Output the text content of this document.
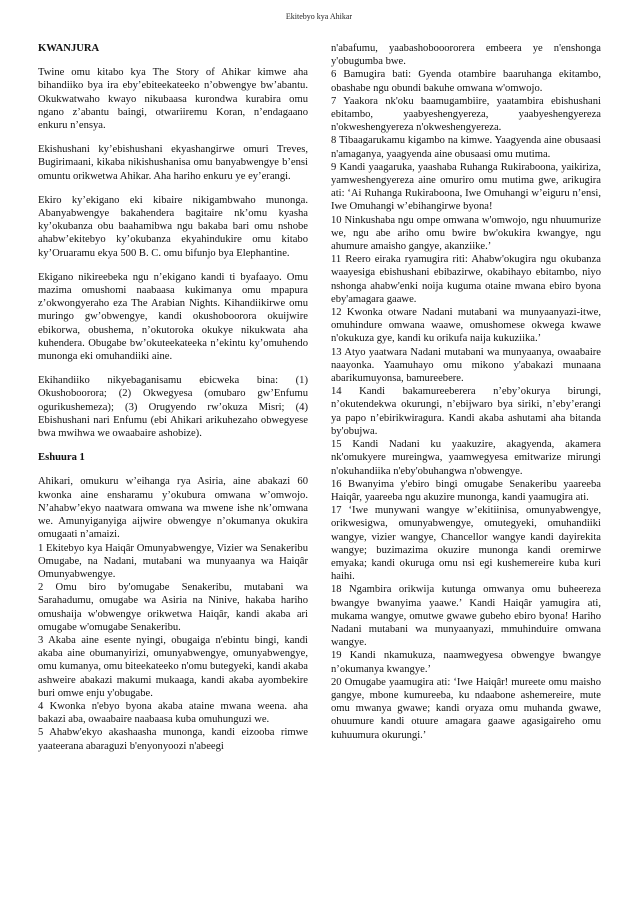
Ekitebyo kya Ahikar
KWANJURA

Twine omu kitabo kya The Story of Ahikar kimwe aha bihandiiko bya ira eby’ebiteekateeko n’obwengye bw’abantu. Okukwatwaho kwayo nikubaasa kurondwa kurabira omu ngano z’abantu baingi, otwariiremu Koran, n’endagaano enkuru n’ensya.

Ekishushani ky’ebishushani ekyashangirwe omuri Treves, Bugirimaani, kikaba nikishushanisa omu banyabwengye b’ensi omuntu orikwetwa Ahikar. Aha hariho enkuru ye ey’erangi.

Ekiro ky’ekigano eki kibaire nikigambwaho munonga. Abanyabwengye bakahendera bagitaire nk’omu kyasha ky’okubanza obu baahamibwa ngu bakaba bari omu nshobe ahabw’ekitebyo ky’okubanza ekyahindukire omu kitabo ky’Oruaramu ekya 500 B. C. omu bifunjo bya Elephantine.

Ekigano nikireebeka ngu n’ekigano kandi ti byafaayo. Omu mazima omushomi naabaasa kukimanya omu mpapura z’okwongyeraho eza The Arabian Nights. Kihandiikirwe omu muringo gw’obwengye, kandi okushoboorora okuijwire ebikorwa, obushema, n’okutoroka okukye nikukwata aha kuhendera. Obugabe bw’okuteekateeka n’ekintu ky’omuhendo munonga eki omuhandiiki aine.

Ekihandiiko nikyebaganisamu ebicweka bina: (1) Okushoboorora; (2) Okwegyesa (omubaro gw’Enfumu ogurikushemeza); (3) Orugyendo rw’okuza Misri; (4) Ebishushani nari Enfumu (ebi Ahikari arikuhezaho obwegyese bwa mwihwa we owaabaire ashobize).

Eshuura 1

Ahikari, omukuru w’eihanga rya Asiria, aine abakazi 60 kwonka aine ensharamu y’okubura omwana w’omwojo. N’ahabw’ekyo naatwara omwana wa mwene ishe nk’omwana we. Amunyiganyiga aijwire obwengye n’okumanya okukira omugaati n’amaizi.

1 Ekitebyo kya Haiqâr Omunyabwengye, Vizier wa Senakeribu Omugabe, na Nadani, mutabani wa munyaanya wa Haiqâr Omunyabwengye.

2 Omu biro by'omugabe Senakeribu, mutabani wa Sarahadumu, omugabe wa Asiria na Ninive, hakaba hariho omushaija w'obwengye orikwetwa Haiqâr, kandi akaba ari omugabe w'omugabe Senakeribu.

3 Akaba aine esente nyingi, obugaiga n'ebintu bingi, kandi akaba aine obumanyirizi, omunyabwengye, omunyabwengye, omu kumanya, omu biteekateeko n'omu butegyeki, kandi akaba ashweire abakazi makumi mukaaga, kandi akaba ayombekire buri omwe enju y'obugabe.

4 Kwonka n'ebyo byona akaba ataine mwana weena. aha bakazi aba, owaabaire naabaasa kuba omuhunguzi we.

5 Ahabw'ekyo akashaasha munonga, kandi eizooba rimwe yaateerana abaraguzi b'enyonyoozi n'abeegi

n'abafumu, yaabashobooororera embeera ye n'enshonga y'obugumba bwe.

6 Bamugira bati: Gyenda otambire baaruhanga ekitambo, obashabe ngu obundi bakuhe omwana w'omwojo.

7 Yaakora nk'oku baamugambiire, yaatambira ebishushani ebitambo, yaabyeshengyereza, yaabyeshengyereza n'okweshengyereza n'okweshengyereza.

8 Tibaagarukamu kigambo na kimwe. Yaagyenda aine obusaasi n'amaganya, yaagyenda aine obusaasi omu mutima.

9 Kandi yaagaruka, yaashaba Ruhanga Rukiraboona, yaikiriza, yamweshengyereza aine omuriro omu mutima gwe, arikugira ati: ‘Ai Ruhanga Rukiraboona, Iwe Omuhangi w’eiguru n’ensi, Iwe Omuhangi w’ebihangirwe byona!

10 Ninkushaba ngu ompe omwana w'omwojo, ngu nhuumurize we, ngu abe ariho omu bwire bw'okukira kwangye, ngu ahumure amaisho gangye, akanziike.’

11 Reero eiraka ryamugira riti: Ahabw'okugira ngu okubanza waayesiga ebishushani ebibazirwe, okabihayo ebitambo, niyo nshonga ahabw'enki noija kuguma otaine mwana ebiro byona eby'amagara gaawe.

12 Kwonka otware Nadani mutabani wa munyaanyazi-itwe, omuhindure omwana waawe, omushomese okwega kwawe n'okukuza gye, kandi ku orikufa naija kukuziika.’

13 Atyo yaatwara Nadani mutabani wa munyaanya, owaabaire naayonka. Yaamuhayo omu mikono y'abakazi munaana abarikumuyonsa, bamureebere.

14 Kandi bakamureeberera n’eby’okurya birungi, n’okutendekwa okurungi, n’ebijwaro bya siriki, n’eby’erangi ya papo n’ebirikwiragura. Kandi akaba ashutami aha bitanda by'obujwa.

15 Kandi Nadani ku yaakuzire, akagyenda, akamera nk'omukyere mureingwa, yaamwegyesa emitwarize mirungi n'okuhandiika n'eby'obuhangwa n'obwengye.

16 Bwanyima y'ebiro bingi omugabe Senakeribu yaareeba Haiqâr, yaareeba ngu akuzire munonga, kandi yaamugira ati.

17 ‘Iwe munywani wangye w’ekitiinisa, omunyabwengye, orikwesigwa, omunyabwengye, omutegyeki, omuhandiiki wangye, vizier wangye, Chancellor wangye kandi dayirekita wangye; buzimazima okuzire munonga kandi oremirwe emyaka; kandi okuruga omu nsi egi kushemereire kuba kuri haihi.

18 Ngambira orikwija kutunga omwanya omu buheereza bwangye bwanyima yaawe.’ Kandi Haiqâr yamugira ati, mukama wangye, omutwe gwawe gubeho ebiro byona! Hariho Nadani mutabani wa munyaanyazi, mmuhinduire omwana wangye.

19 Kandi nkamukuza, naamwegyesa obwengye bwangye n’okumanya kwangye.’

20 Omugabe yaamugira ati: ‘Iwe Haiqâr! mureete omu maisho gangye, mbone kumureeba, ku ndaabone ashemereire, mute omu mwanya gwawe; kandi oryaza omu muhanda gwawe, ohuumure kandi otuure amagara gaawe agasigaireho omu kuhuumura okurungi.’
